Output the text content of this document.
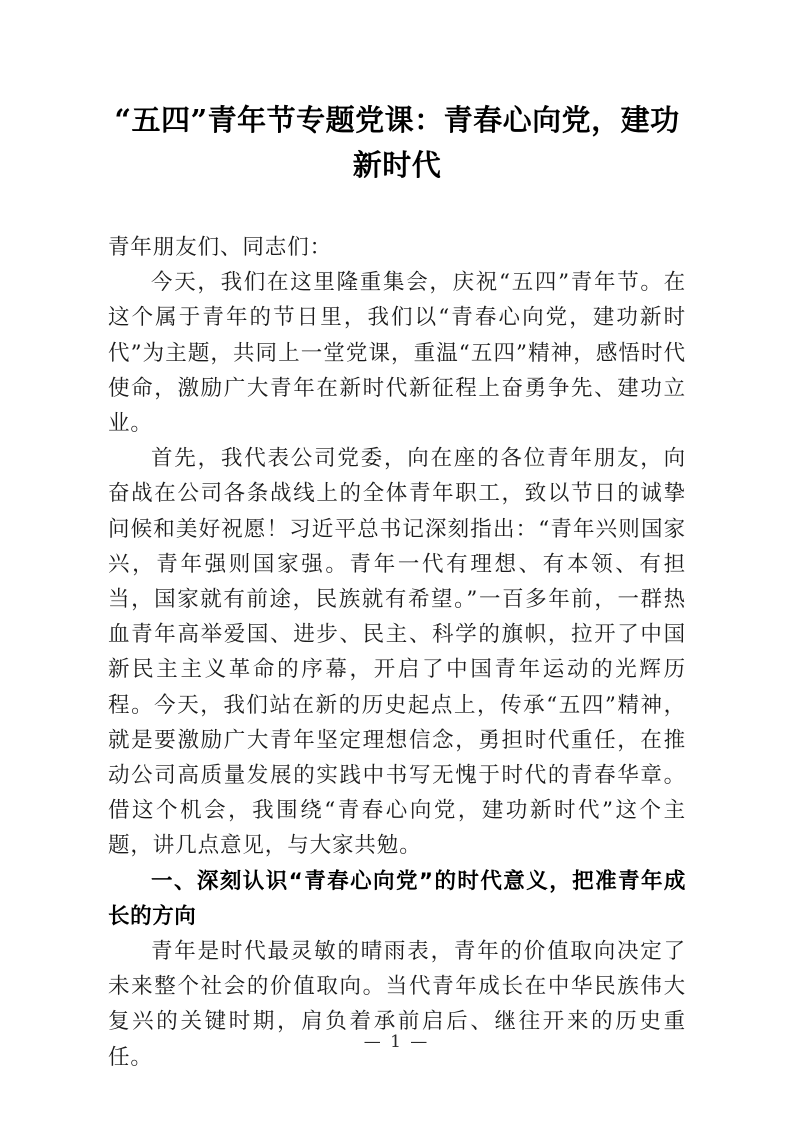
“五四”青年节专题党课：青春心向党，建功新时代

青年朋友们、同志们：

今天，我们在这里隆重集会，庆祝“五四”青年节。在这个属于青年的节日里，我们以“青春心向党，建功新时代”为主题，共同上一堂党课，重温“五四”精神，感悟时代使命，激励广大青年在新时代新征程上奋勇争先、建功立业。

首先，我代表公司党委，向在座的各位青年朋友，向奋战在公司各条战线上的全体青年职工，致以节日的诚挚问候和美好祝愿！习近平总书记深刻指出：“青年兴则国家兴，青年强则国家强。青年一代有理想、有本领、有担当，国家就有前途，民族就有希望。”一百多年前，一群热血青年高举爱国、进步、民主、科学的旗帜，拉开了中国新民主主义革命的序幕，开启了中国青年运动的光辉历程。今天，我们站在新的历史起点上，传承“五四”精神，就是要激励广大青年坚定理想信念，勇担时代重任，在推动公司高质量发展的实践中书写无愧于时代的青春华章。借这个机会，我围绕“青春心向党，建功新时代”这个主题，讲几点意见，与大家共勉。

一、深刻认识“青春心向党”的时代意义，把准青年成长的方向

青年是时代最灵敏的晴雨表，青年的价值取向决定了未来整个社会的价值取向。当代青年成长在中华民族伟大复兴的关键时期，肩负着承前启后、继往开来的历史重任。

— 1 —
